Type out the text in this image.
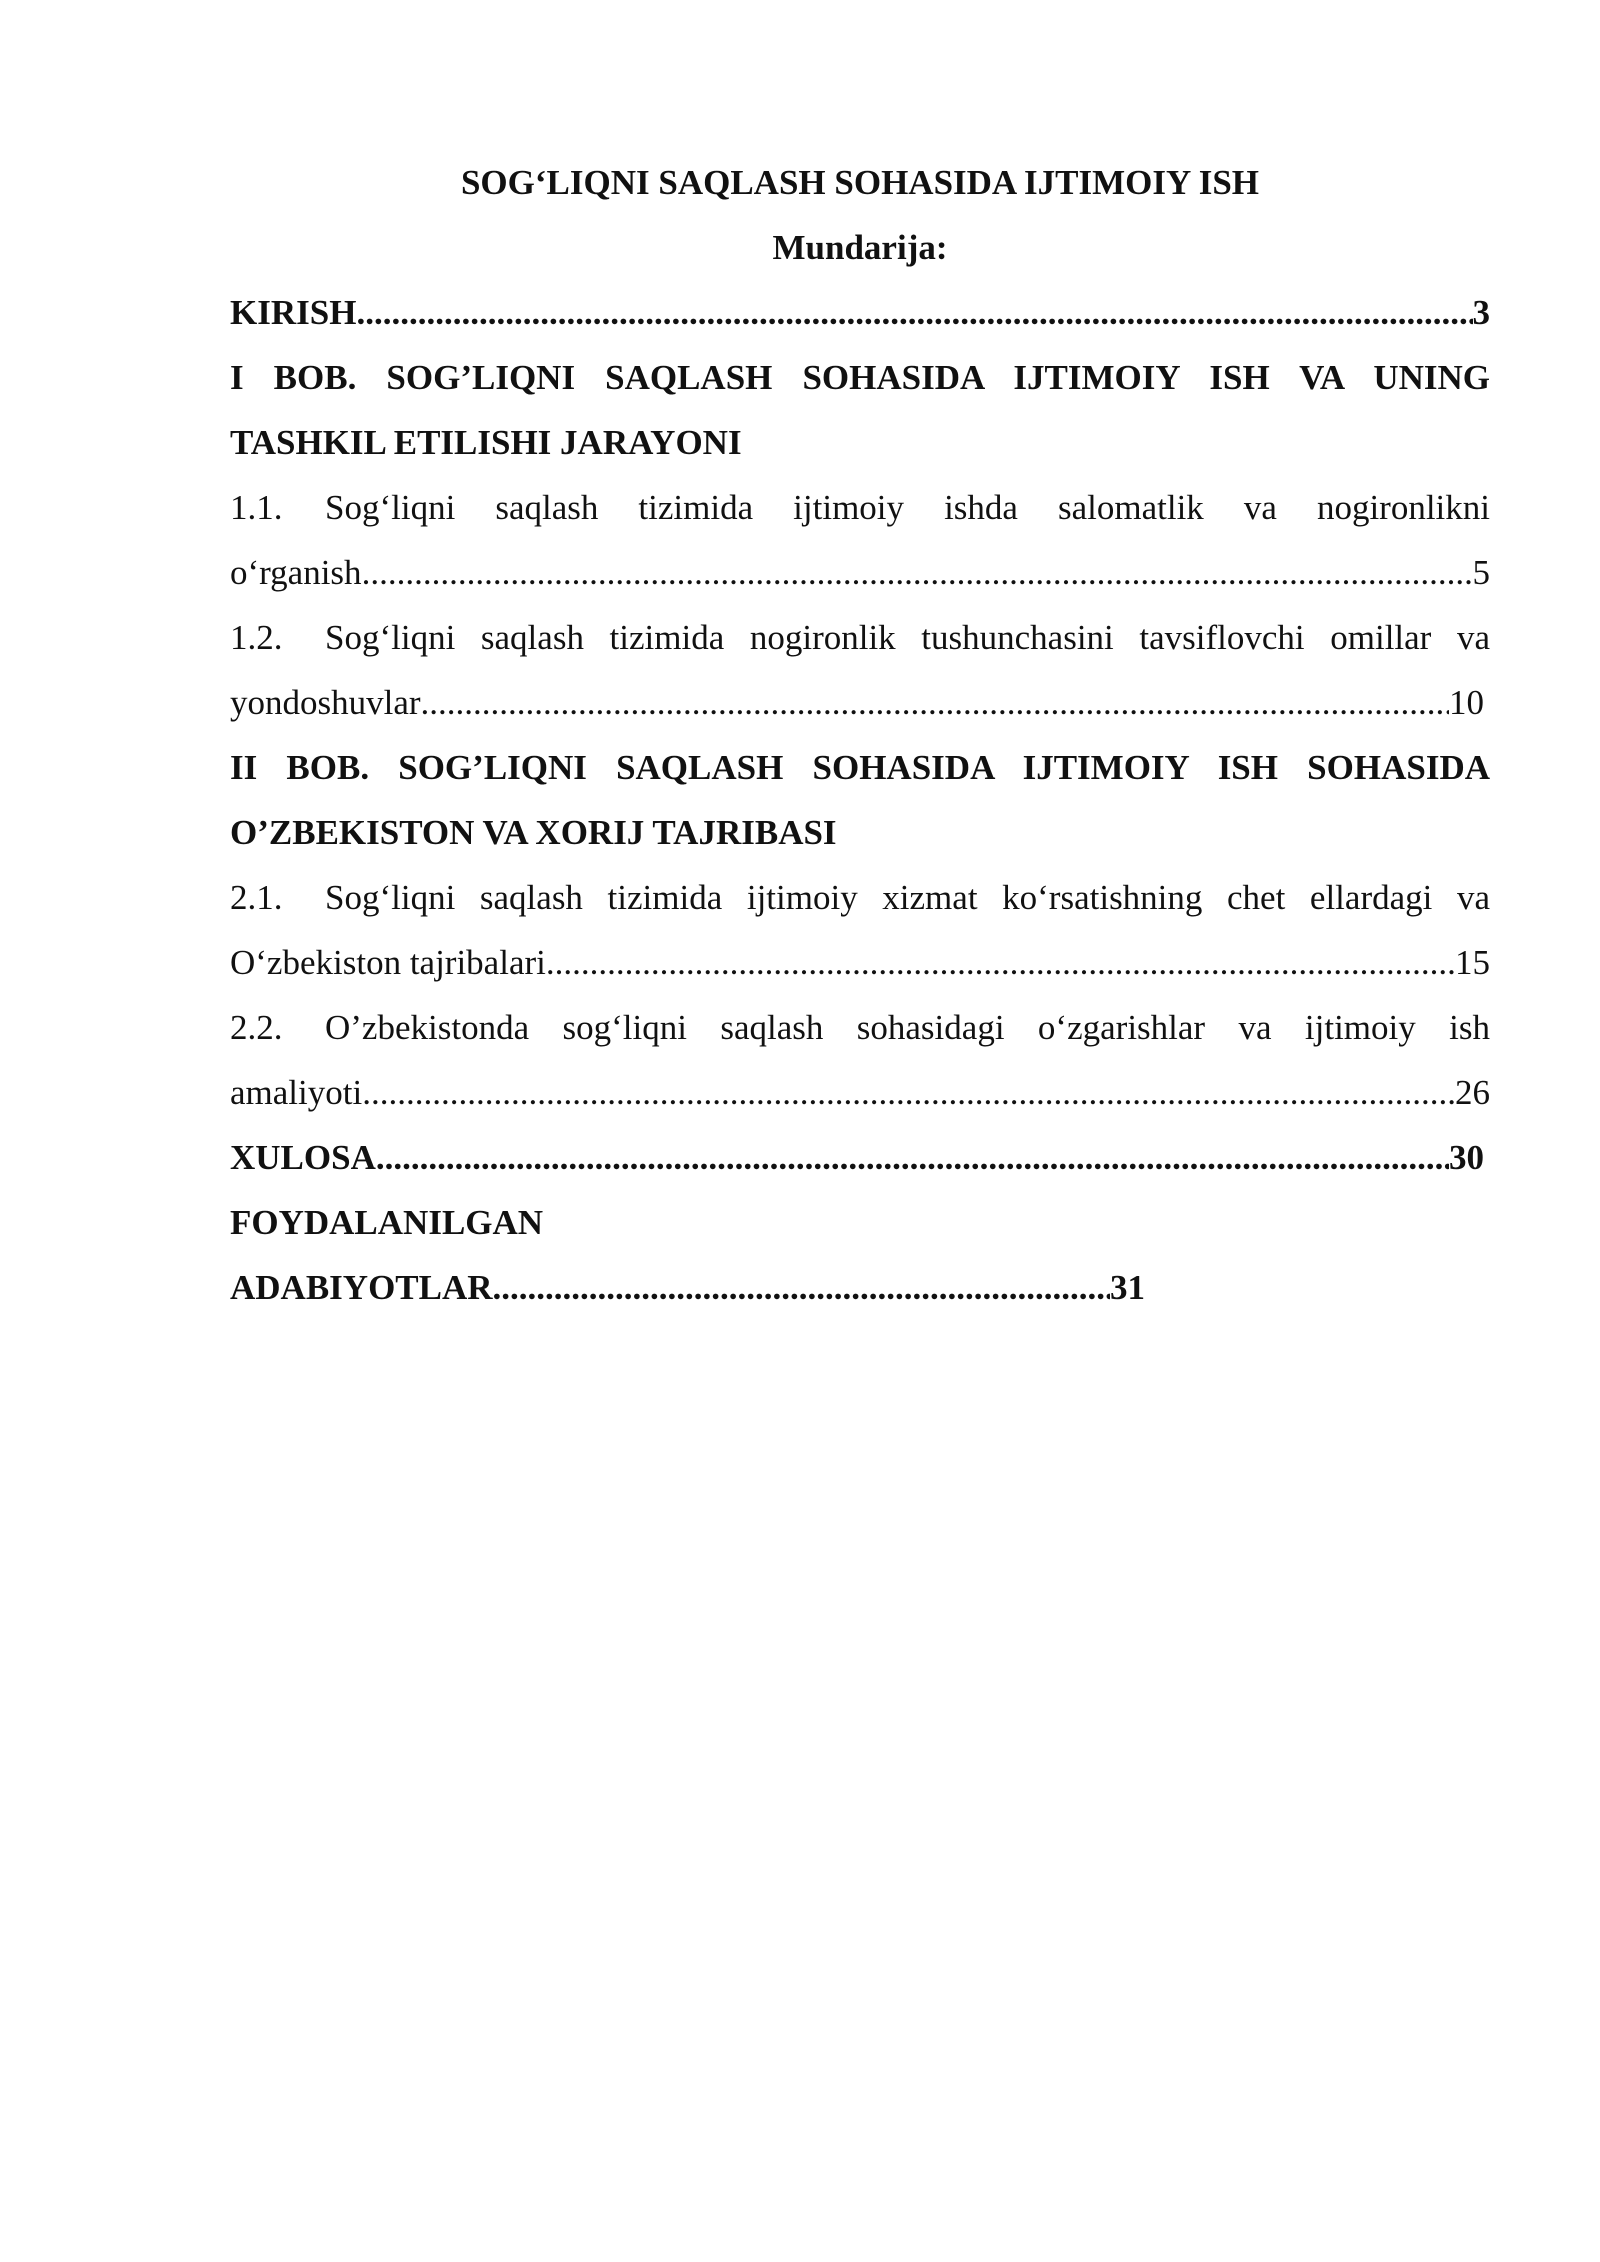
SOG‘LIQNI SAQLASH SOHASIDA IJTIMOIY ISH

Mundarija:

KIRISH .....	3
I BOB. SOG’LIQNI SAQLASH SOHASIDA IJTIMOIY ISH VA UNING
TASHKIL ETILISHI JARAYONI
1.1. Sog‘liqni saqlash tizimida ijtimoiy ishda salomatlik va nogironlikni
o‘rganish .....	5
1.2. Sog‘liqni saqlash tizimida nogironlik tushunchasini tavsiflovchi omillar va
yondoshuvlar .....	10
II BOB. SOG’LIQNI SAQLASH SOHASIDA IJTIMOIY ISH SOHASIDA
O’ZBEKISTON VA XORIJ TAJRIBASI
2.1. Sog‘liqni saqlash tizimida ijtimoiy xizmat ko‘rsatishning chet ellardagi va
O‘zbekiston tajribalari .....	15
2.2. O’zbekistonda sog‘liqni saqlash sohasidagi o‘zgarishlar va ijtimoiy ish
amaliyoti .....	26
XULOSA .....	30
FOYDALANILGAN
ADABIYOTLAR .....	31
